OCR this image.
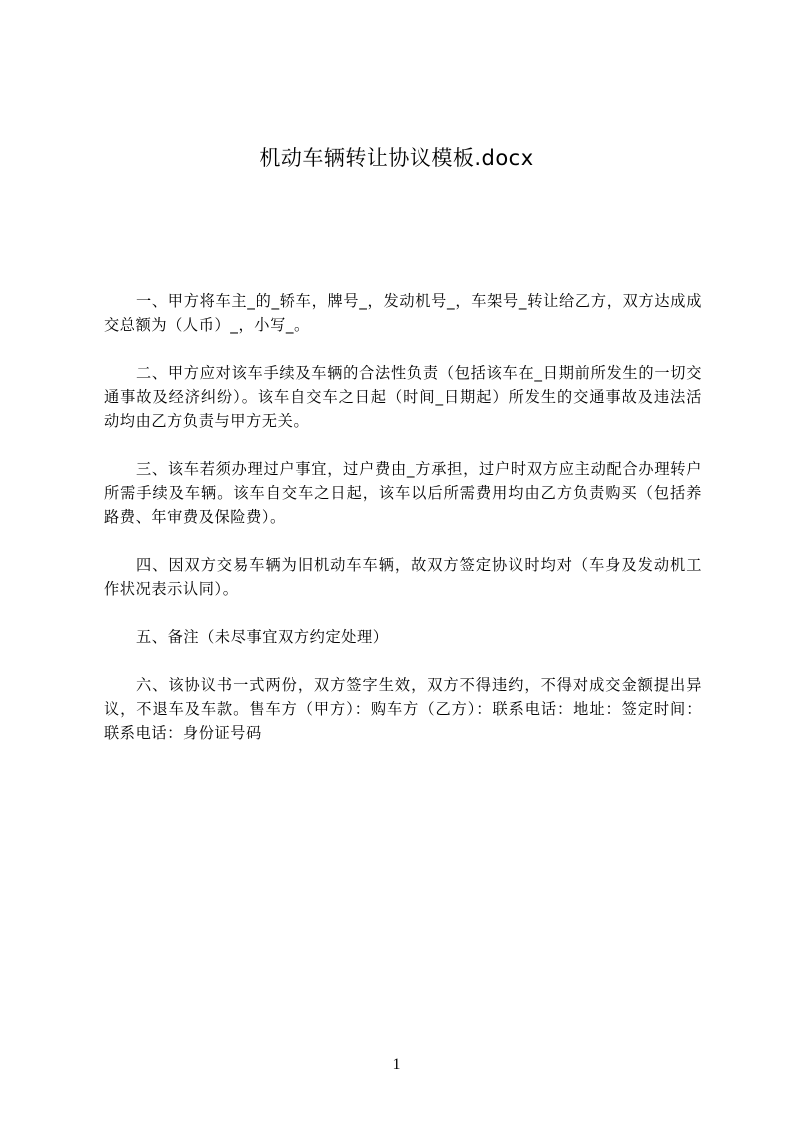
机动车辆转让协议模板.docx

一、甲方将车主_的_轿车，牌号_，发动机号_，车架号_转让给乙方，双方达成成交总额为（人币）_，小写_。

二、甲方应对该车手续及车辆的合法性负责（包括该车在_日期前所发生的一切交通事故及经济纠纷）。该车自交车之日起（时间_日期起）所发生的交通事故及违法活动均由乙方负责与甲方无关。

三、该车若须办理过户事宜，过户费由_方承担，过户时双方应主动配合办理转户所需手续及车辆。该车自交车之日起，该车以后所需费用均由乙方负责购买（包括养路费、年审费及保险费）。

四、因双方交易车辆为旧机动车车辆，故双方签定协议时均对（车身及发动机工作状况表示认同）。

五、备注（未尽事宜双方约定处理）

六、该协议书一式两份，双方签字生效，双方不得违约，不得对成交金额提出异议，不退车及车款。售车方（甲方）：购车方（乙方）：联系电话：地址：签定时间：联系电话：身份证号码

1
